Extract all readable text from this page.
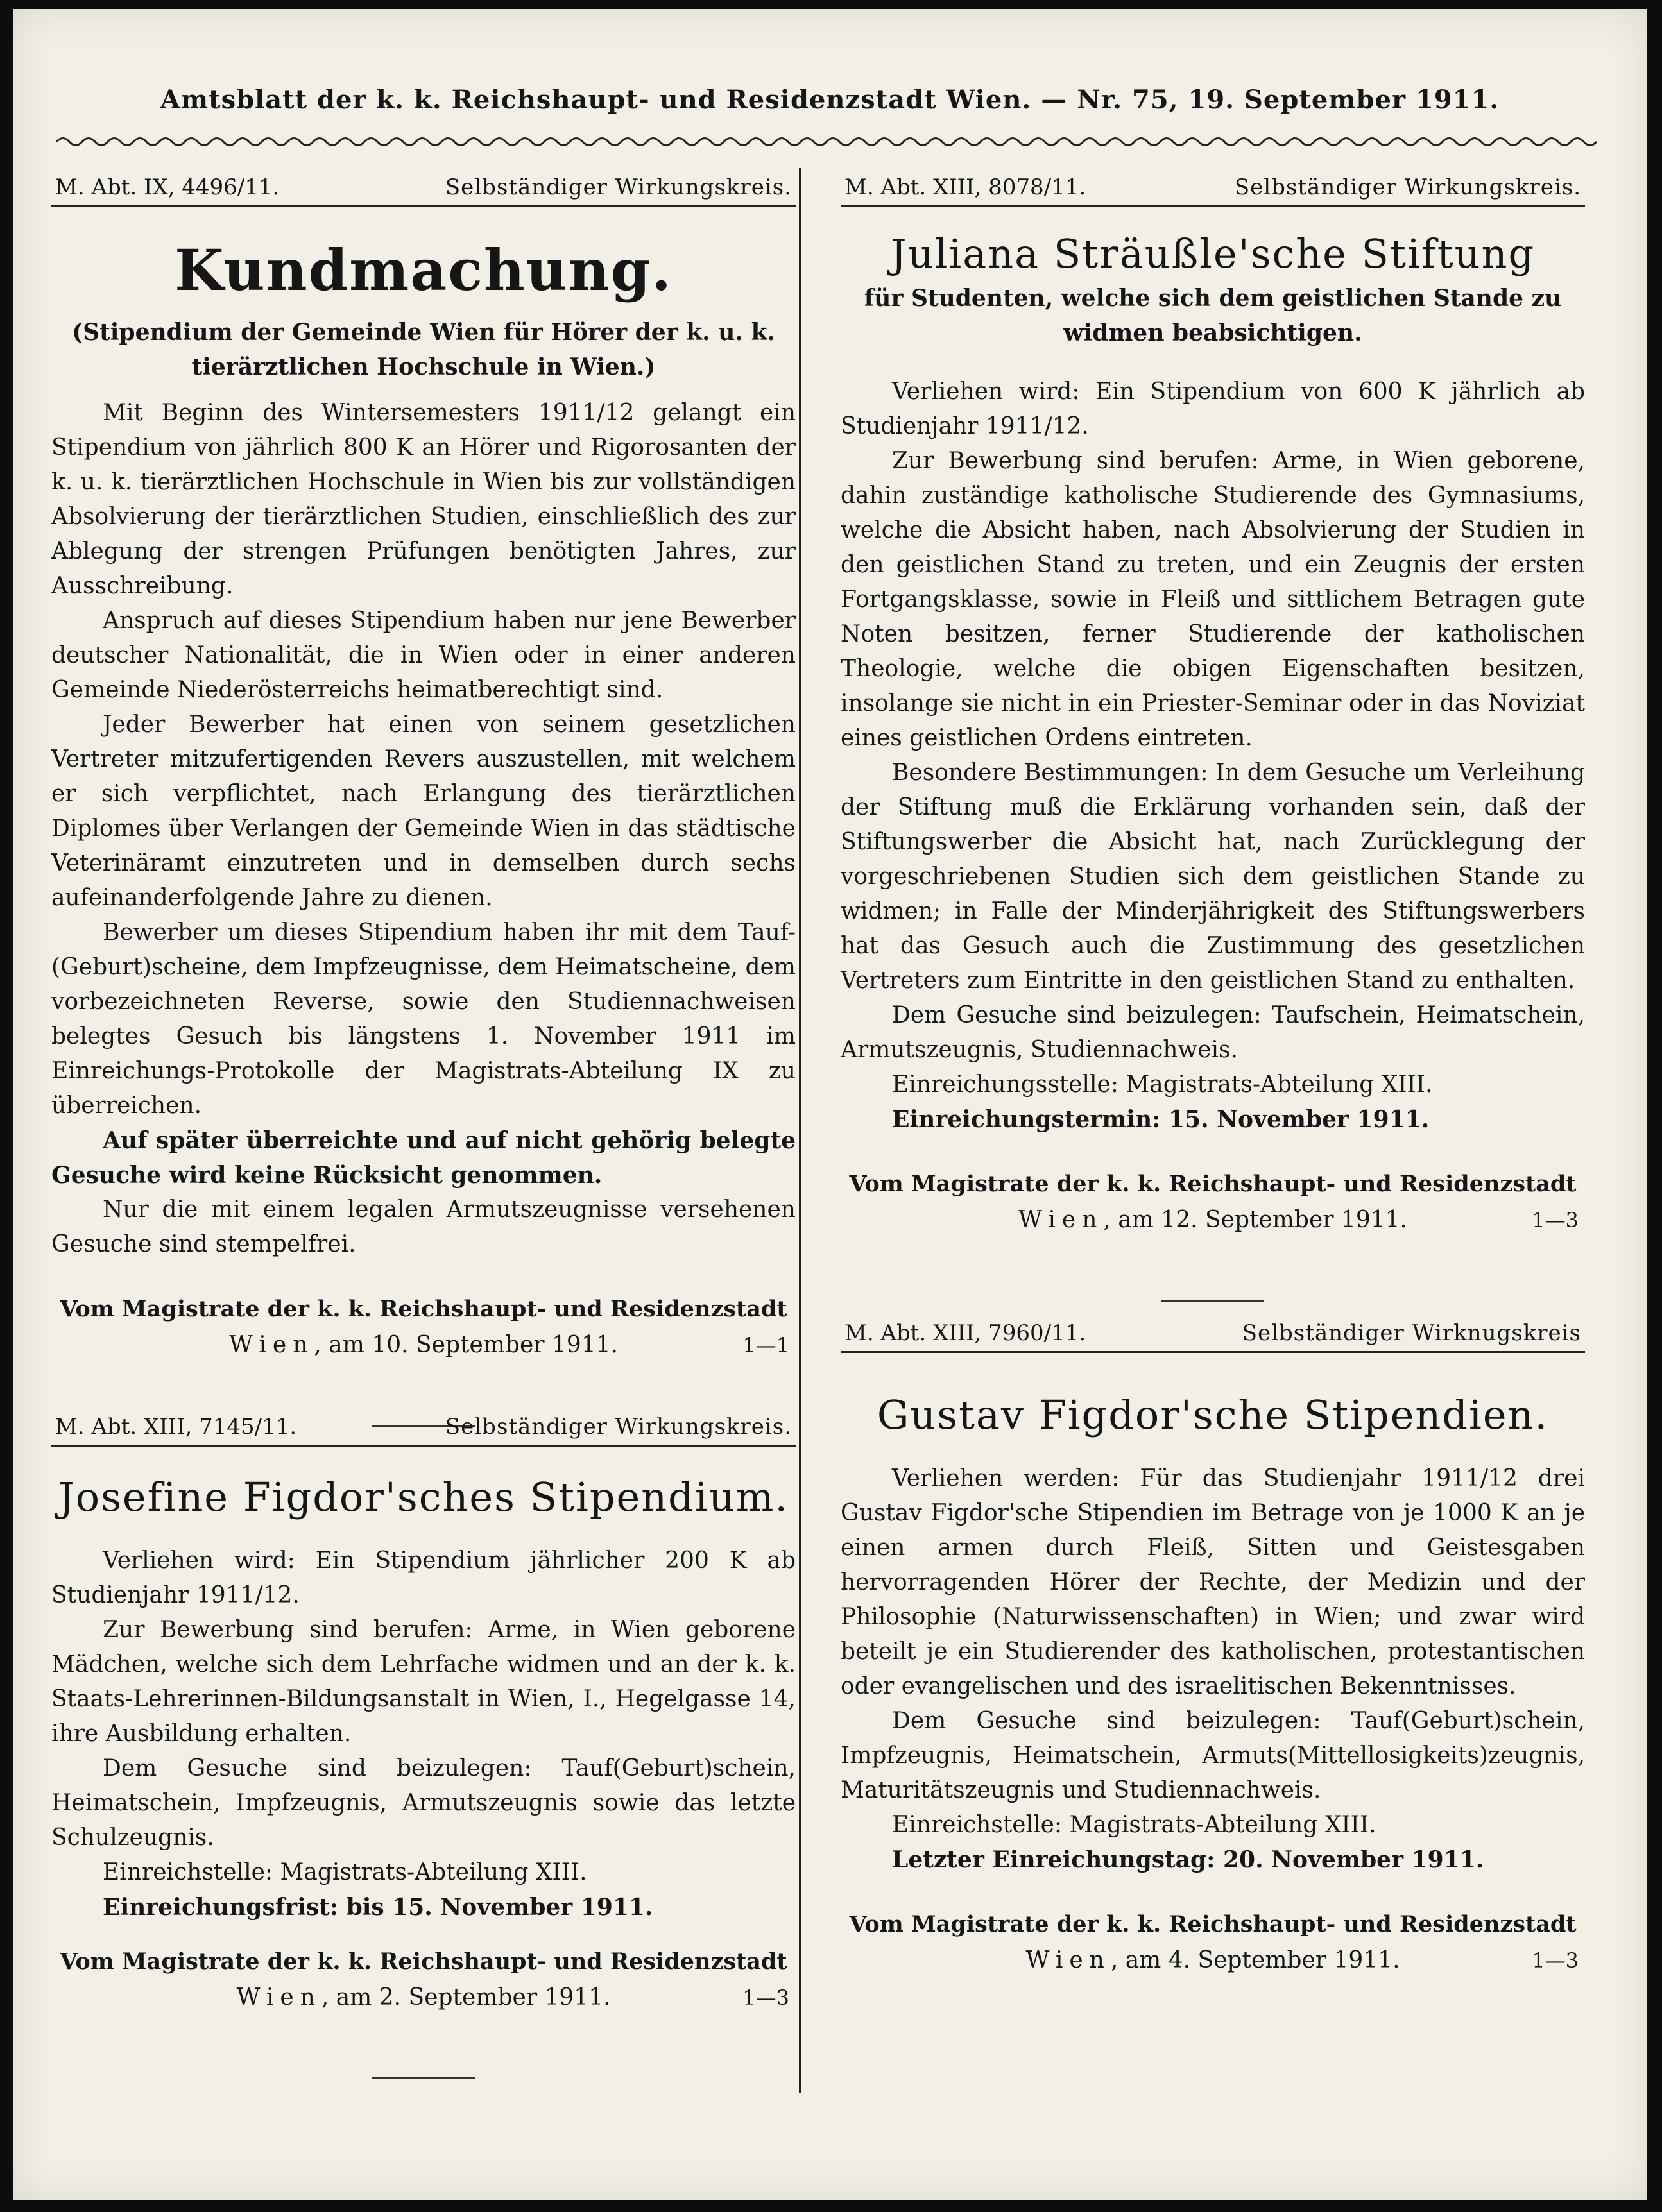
Amtsblatt der k. k. Reichshaupt- und Residenzstadt Wien. — Nr. 75, 19. September 1911.
M. Abt. IX, 4496/11.	Selbständiger Wirkungskreis.
Kundmachung.
(Stipendium der Gemeinde Wien für Hörer der k. u. k. tierärztlichen Hochschule in Wien.)

Mit Beginn des Wintersemesters 1911/12 gelangt ein Stipendium von jährlich 800 K an Hörer und Rigorosanten der k. u. k. tierärztlichen Hochschule in Wien bis zur vollständigen Absolvierung der tierärztlichen Studien, einschließlich des zur Ablegung der strengen Prüfungen benötigten Jahres, zur Ausschreibung.

Anspruch auf dieses Stipendium haben nur jene Bewerber deutscher Nationalität, die in Wien oder in einer anderen Gemeinde Niederösterreichs heimatberechtigt sind.

Jeder Bewerber hat einen von seinem gesetzlichen Vertreter mitzufertigenden Revers auszustellen, mit welchem er sich verpflichtet, nach Erlangung des tierärztlichen Diplomes über Verlangen der Gemeinde Wien in das städtische Veterinäramt einzutreten und in demselben durch sechs aufeinanderfolgende Jahre zu dienen.

Bewerber um dieses Stipendium haben ihr mit dem Tauf-(Geburt)scheine, dem Impfzeugnisse, dem Heimatscheine, dem vorbezeichneten Reverse, sowie den Studiennachweisen belegtes Gesuch bis längstens 1. November 1911 im Einreichungs-Protokolle der Magistrats-Abteilung IX zu überreichen.

Auf später überreichte und auf nicht gehörig belegte Gesuche wird keine Rücksicht genommen.

Nur die mit einem legalen Armutszeugnisse versehenen Gesuche sind stempelfrei.

Vom Magistrate der k. k. Reichshaupt- und Residenzstadt
Wien, am 10. September 1911.	1—1
M. Abt. XIII, 7145/11.	Selbständiger Wirkungskreis.
Josefine Figdor'sches Stipendium.

Verliehen wird: Ein Stipendium jährlicher 200 K ab Studienjahr 1911/12.

Zur Bewerbung sind berufen: Arme, in Wien geborene Mädchen, welche sich dem Lehrfache widmen und an der k. k. Staats-Lehrerinnen-Bildungsanstalt in Wien, I., Hegelgasse 14, ihre Ausbildung erhalten.

Dem Gesuche sind beizulegen: Tauf(Geburt)schein, Heimatschein, Impfzeugnis, Armutszeugnis sowie das letzte Schulzeugnis.

Einreichstelle: Magistrats-Abteilung XIII.

Einreichungsfrist: bis 15. November 1911.

Vom Magistrate der k. k. Reichshaupt- und Residenzstadt
Wien, am 2. September 1911.	1—3
M. Abt. XIII, 8078/11.	Selbständiger Wirkungskreis.
Juliana Sträußle'sche Stiftung
für Studenten, welche sich dem geistlichen Stande zu widmen beabsichtigen.

Verliehen wird: Ein Stipendium von 600 K jährlich ab Studienjahr 1911/12.

Zur Bewerbung sind berufen: Arme, in Wien geborene, dahin zuständige katholische Studierende des Gymnasiums, welche die Absicht haben, nach Absolvierung der Studien in den geistlichen Stand zu treten, und ein Zeugnis der ersten Fortgangsklasse, sowie in Fleiß und sittlichem Betragen gute Noten besitzen, ferner Studierende der katholischen Theologie, welche die obigen Eigenschaften besitzen, insolange sie nicht in ein Priester-Seminar oder in das Noviziat eines geistlichen Ordens eintreten.

Besondere Bestimmungen: In dem Gesuche um Verleihung der Stiftung muß die Erklärung vorhanden sein, daß der Stiftungswerber die Absicht hat, nach Zurücklegung der vorgeschriebenen Studien sich dem geistlichen Stande zu widmen; in Falle der Minderjährigkeit des Stiftungswerbers hat das Gesuch auch die Zustimmung des gesetzlichen Vertreters zum Eintritte in den geistlichen Stand zu enthalten.

Dem Gesuche sind beizulegen: Taufschein, Heimatschein, Armutszeugnis, Studiennachweis.

Einreichungsstelle: Magistrats-Abteilung XIII.

Einreichungstermin: 15. November 1911.

Vom Magistrate der k. k. Reichshaupt- und Residenzstadt
Wien, am 12. September 1911.	1—3
M. Abt. XIII, 7960/11.	Selbständiger Wirknugskreis
Gustav Figdor'sche Stipendien.

Verliehen werden: Für das Studienjahr 1911/12 drei Gustav Figdor'sche Stipendien im Betrage von je 1000 K an je einen armen durch Fleiß, Sitten und Geistesgaben hervorragenden Hörer der Rechte, der Medizin und der Philosophie (Naturwissenschaften) in Wien; und zwar wird beteilt je ein Studierender des katholischen, protestantischen oder evangelischen und des israelitischen Bekenntnisses.

Dem Gesuche sind beizulegen: Tauf(Geburt)schein, Impfzeugnis, Heimatschein, Armuts(Mittellosigkeits)zeugnis, Maturitätszeugnis und Studiennachweis.

Einreichstelle: Magistrats-Abteilung XIII.

Letzter Einreichungstag: 20. November 1911.

Vom Magistrate der k. k. Reichshaupt- und Residenzstadt
Wien, am 4. September 1911.	1—3
